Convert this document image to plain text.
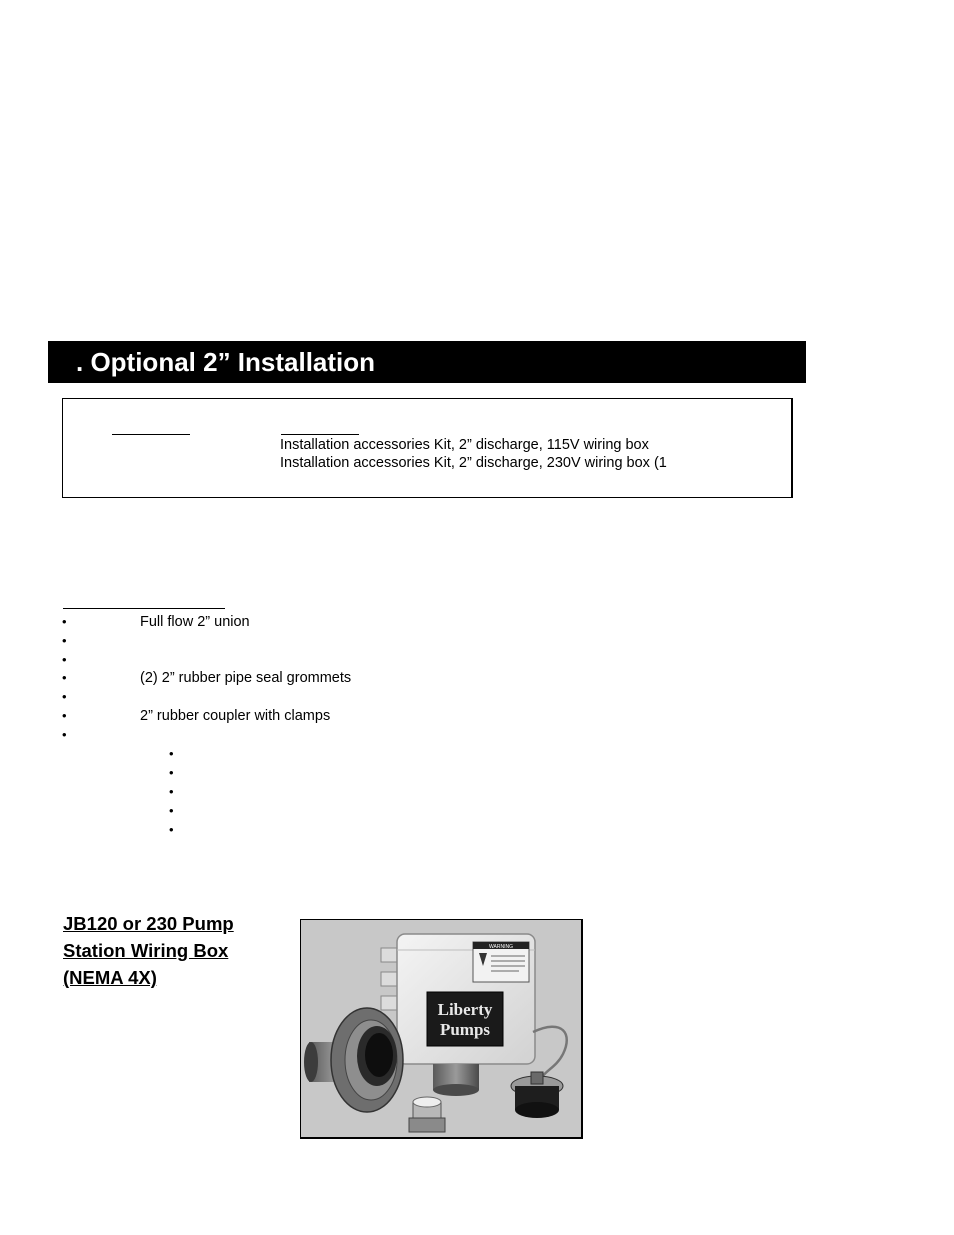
. Optional 2” Installation
Installation accessories Kit, 2” discharge, 115V wiring box
Installation accessories Kit, 2” discharge, 230V wiring box (1
•	Full flow 2” union
•
•
•	(2) 2” rubber pipe seal grommets
•
•	2” rubber coupler with clamps
•
•
•
•
•
•
JB120 or 230 Pump Station Wiring Box (NEMA 4X)
WARNING
Liberty
Pumps
